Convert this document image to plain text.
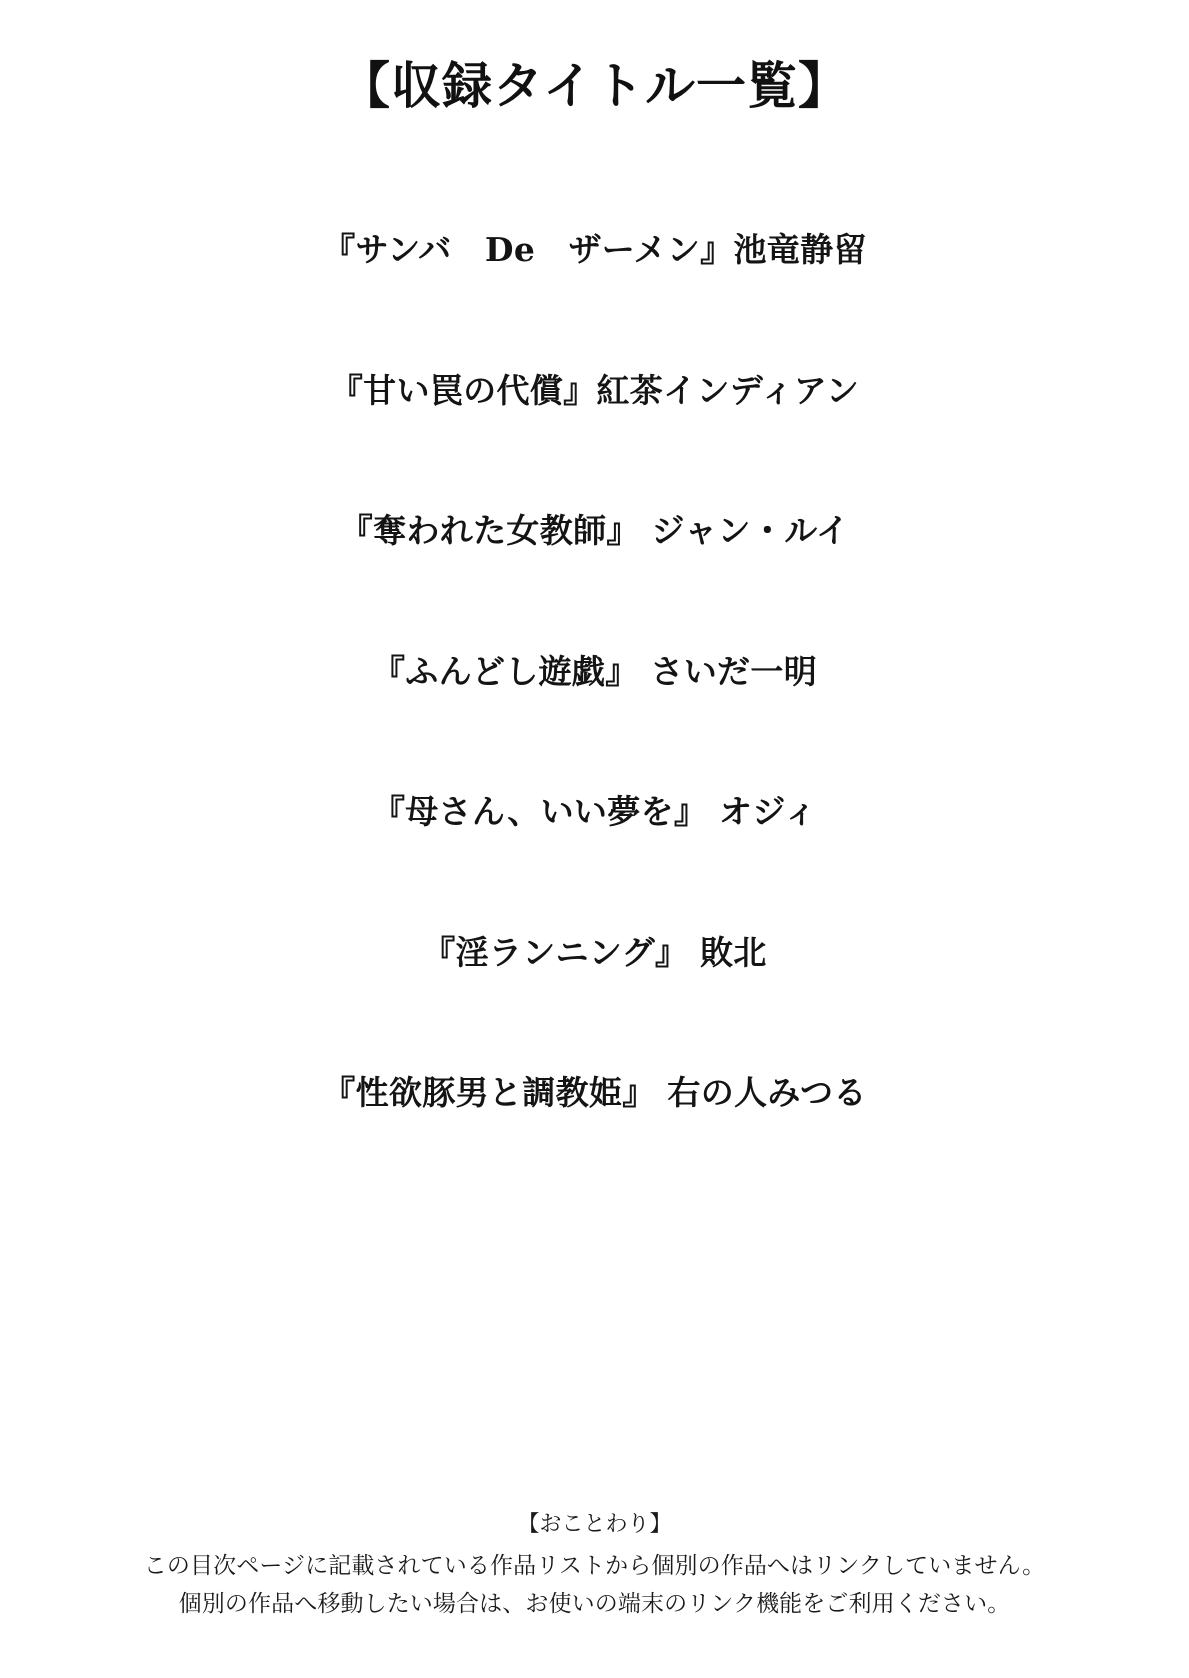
【収録タイトル一覧】
『サンバ　De　ザーメン』池竜静留
『甘い罠の代償』紅茶インディアン
『奪われた女教師』 ジャン・ルイ
『ふんどし遊戯』 さいだ一明
『母さん、いい夢を』 オジィ
『淫ランニング』 敗北
『性欲豚男と調教姫』 右の人みつる
【おことわり】
この目次ページに記載されている作品リストから個別の作品へはリンクしていません。
個別の作品へ移動したい場合は、お使いの端末のリンク機能をご利用ください。
